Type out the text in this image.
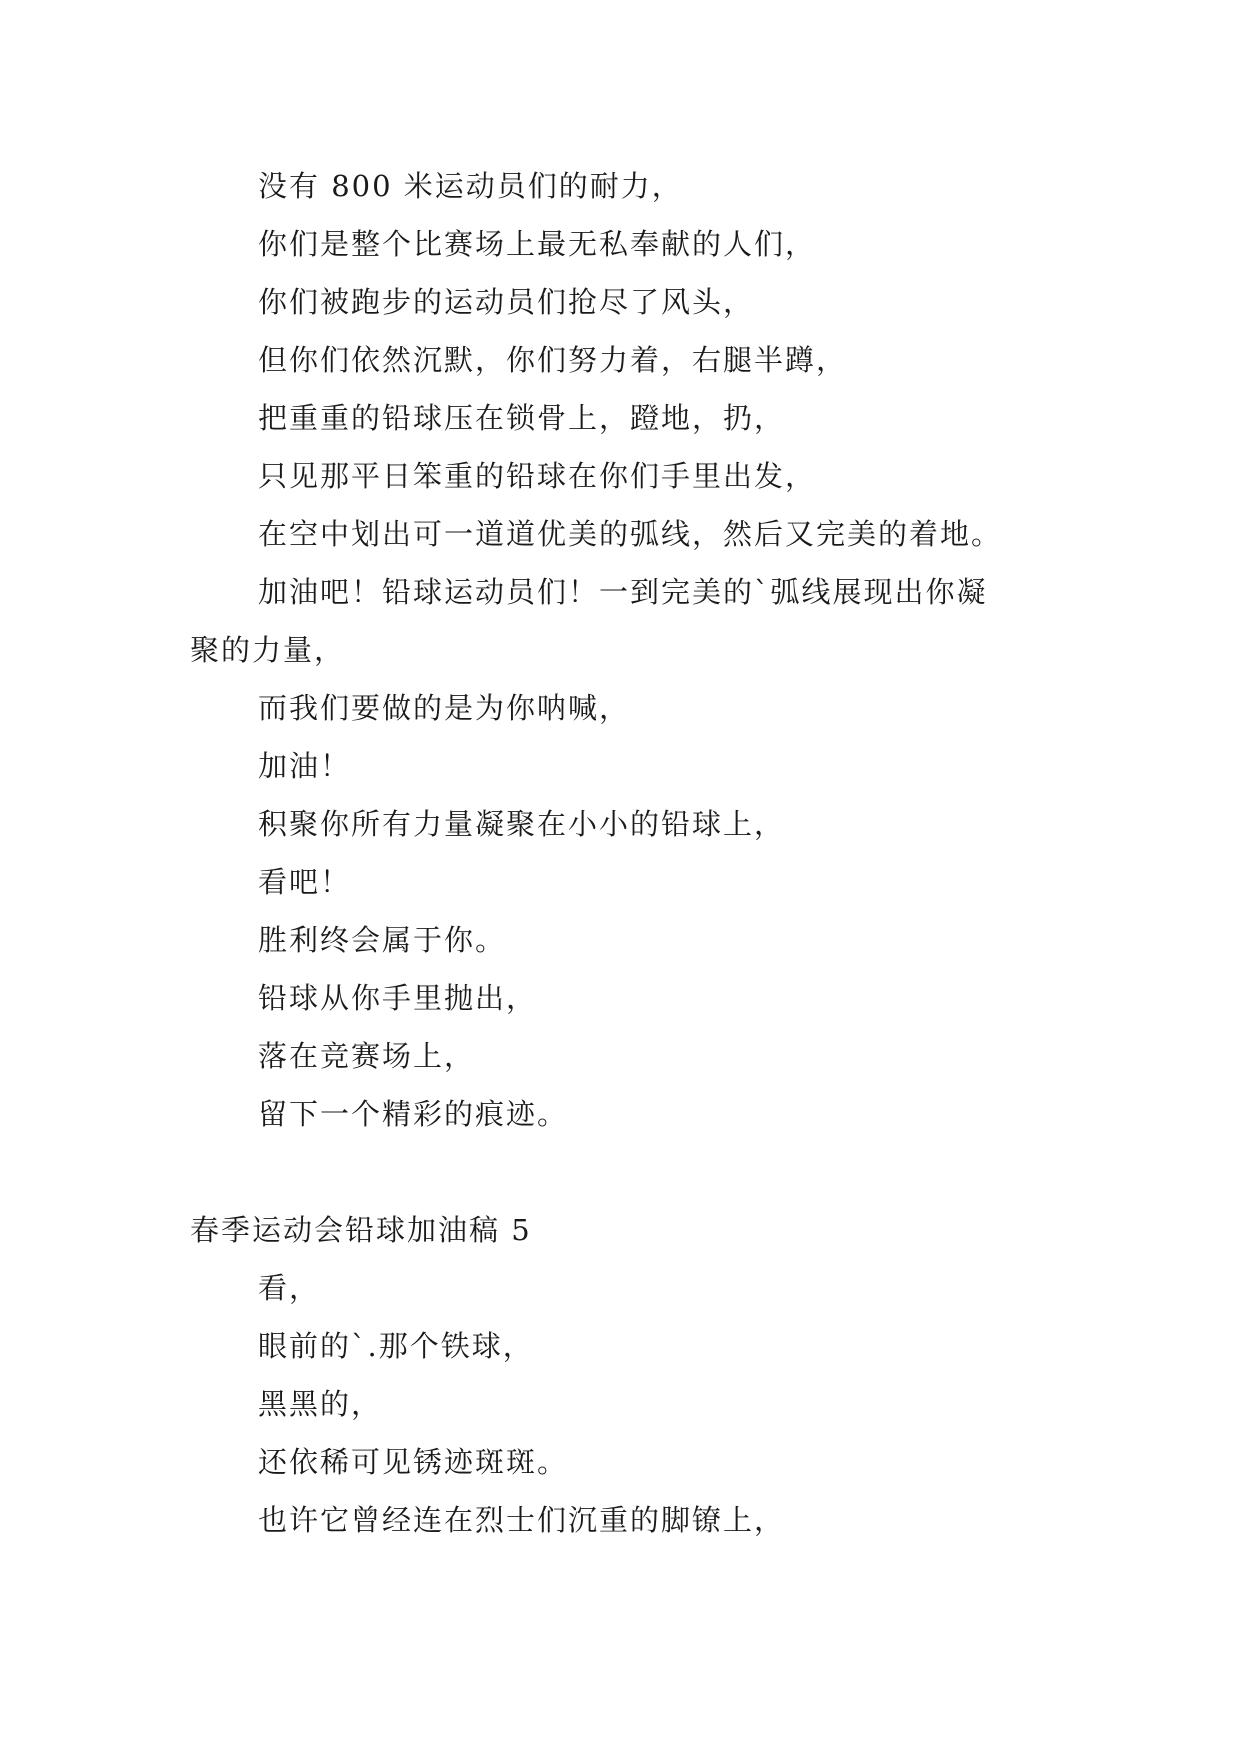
没有 800 米运动员们的耐力，
你们是整个比赛场上最无私奉献的人们，
你们被跑步的运动员们抢尽了风头，
但你们依然沉默，你们努力着，右腿半蹲，
把重重的铅球压在锁骨上，蹬地，扔，
只见那平日笨重的铅球在你们手里出发，
在空中划出可一道道优美的弧线，然后又完美的着地。
加油吧！铅球运动员们！一到完美的`弧线展现出你凝
聚的力量，
而我们要做的是为你呐喊，
加油！
积聚你所有力量凝聚在小小的铅球上，
看吧！
胜利终会属于你。
铅球从你手里抛出，
落在竞赛场上，
留下一个精彩的痕迹。
春季运动会铅球加油稿 5
看，
眼前的`.那个铁球，
黑黑的，
还依稀可见锈迹斑斑。
也许它曾经连在烈士们沉重的脚镣上，
